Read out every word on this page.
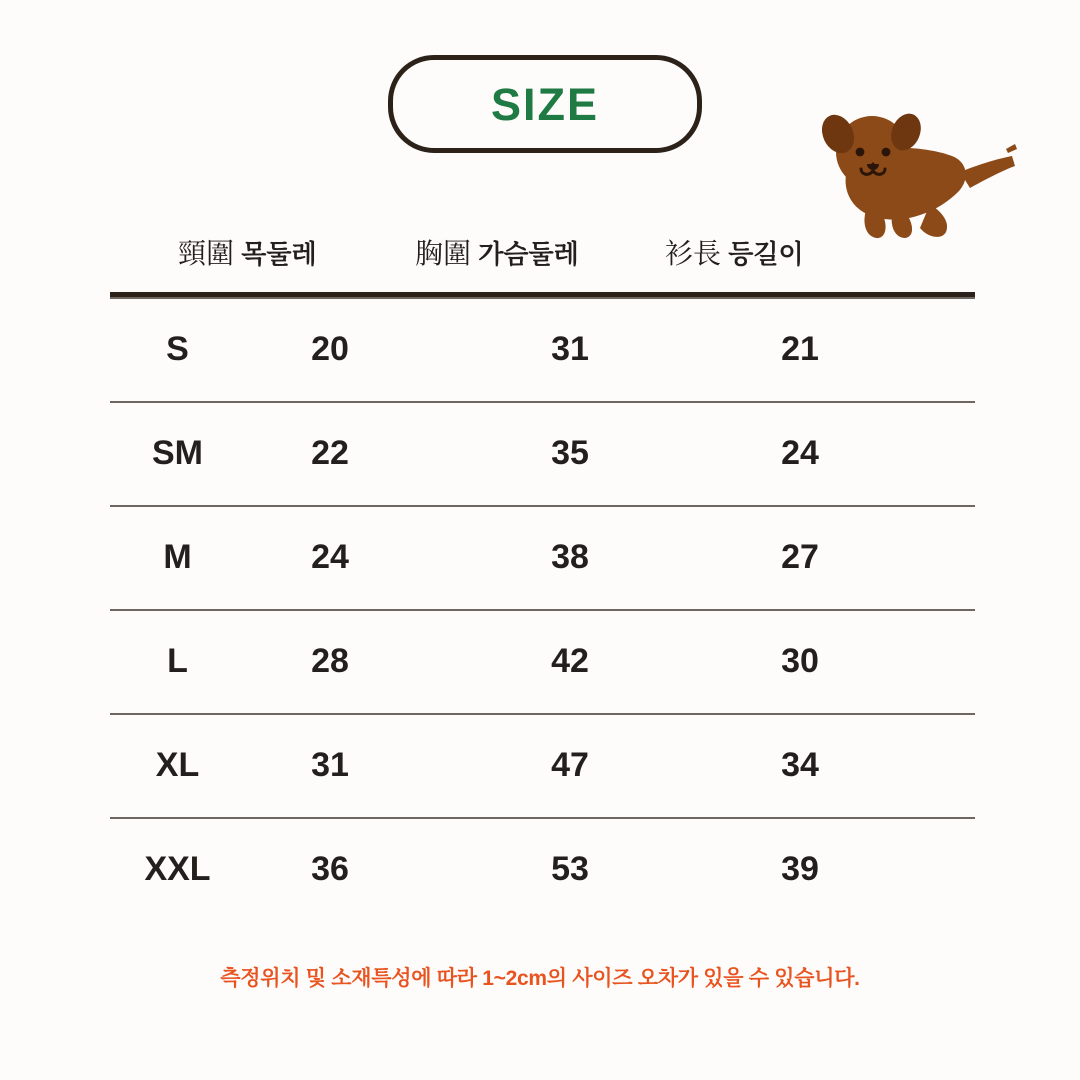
SIZE
頸圍 목둘레	胸圍 가슴둘레	衫長 등길이
S	20	31	21
SM	22	35	24
M	24	38	27
L	28	42	30
XL	31	47	34
XXL	36	53	39
측정위치 및 소재특성에 따라 1~2cm의 사이즈 오차가 있을 수 있습니다.
